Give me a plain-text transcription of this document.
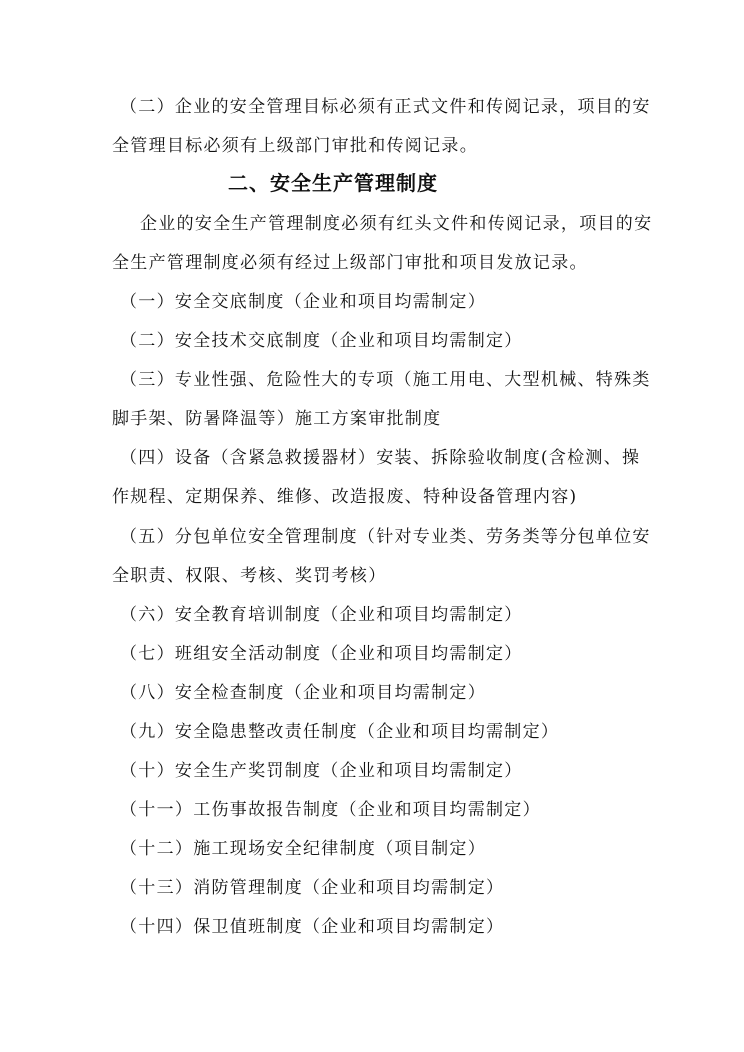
（二）企业的安全管理目标必须有正式文件和传阅记录，项目的安
全管理目标必须有上级部门审批和传阅记录。
二、安全生产管理制度
企业的安全生产管理制度必须有红头文件和传阅记录，项目的安
全生产管理制度必须有经过上级部门审批和项目发放记录。
（一）安全交底制度（企业和项目均需制定）
（二）安全技术交底制度（企业和项目均需制定）
（三）专业性强、危险性大的专项（施工用电、大型机械、特殊类
脚手架、防暑降温等）施工方案审批制度
（四）设备（含紧急救援器材）安装、拆除验收制度(含检测、操
作规程、定期保养、维修、改造报废、特种设备管理内容)
（五）分包单位安全管理制度（针对专业类、劳务类等分包单位安
全职责、权限、考核、奖罚考核）
（六）安全教育培训制度（企业和项目均需制定）
（七）班组安全活动制度（企业和项目均需制定）
（八）安全检查制度（企业和项目均需制定）
（九）安全隐患整改责任制度（企业和项目均需制定）
（十）安全生产奖罚制度（企业和项目均需制定）
（十一）工伤事故报告制度（企业和项目均需制定）
（十二）施工现场安全纪律制度（项目制定）
（十三）消防管理制度（企业和项目均需制定）
（十四）保卫值班制度（企业和项目均需制定）
